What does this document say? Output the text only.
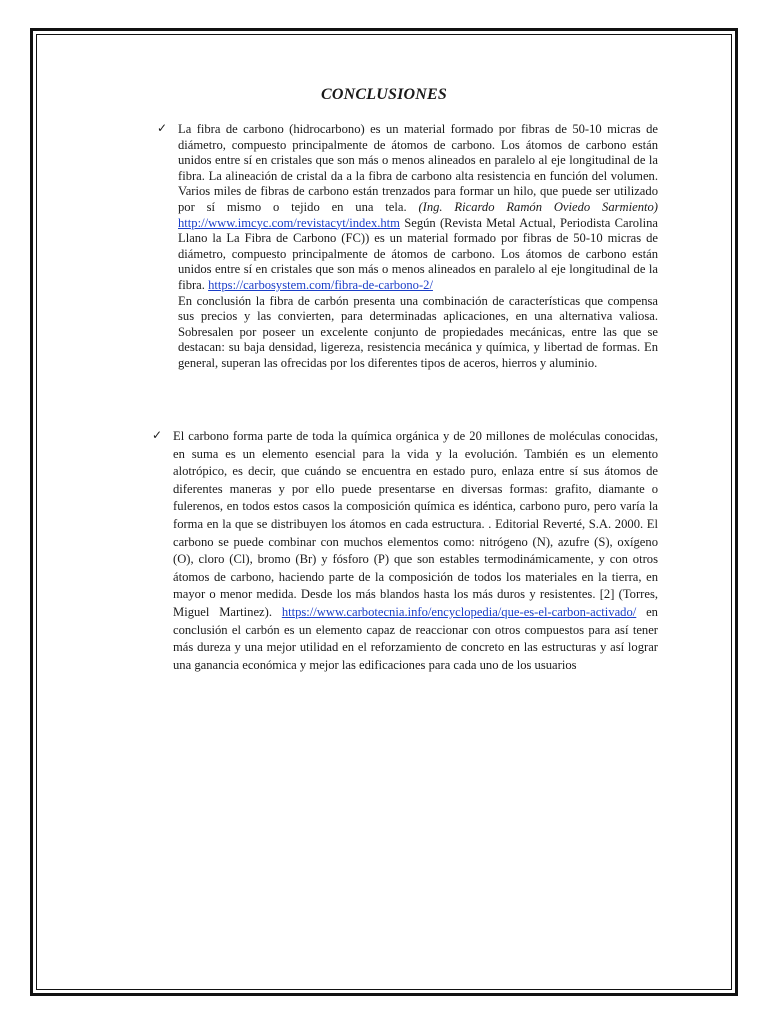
CONCLUSIONES
✓ La fibra de carbono (hidrocarbono) es un material formado por fibras de 50-10 micras de diámetro, compuesto principalmente de átomos de carbono. Los átomos de carbono están unidos entre sí en cristales que son más o menos alineados en paralelo al eje longitudinal de la fibra. La alineación de cristal da a la fibra de carbono alta resistencia en función del volumen. Varios miles de fibras de carbono están trenzados para formar un hilo, que puede ser utilizado por sí mismo o tejido en una tela. (Ing. Ricardo Ramón Oviedo Sarmiento) http://www.imcyc.com/revistacyt/index.htm Según (Revista Metal Actual, Periodista Carolina Llano la La Fibra de Carbono (FC)) es un material formado por fibras de 50-10 micras de diámetro, compuesto principalmente de átomos de carbono. Los átomos de carbono están unidos entre sí en cristales que son más o menos alineados en paralelo al eje longitudinal de la fibra. https://carbosystem.com/fibra-de-carbono-2/

En conclusión la fibra de carbón presenta una combinación de características que compensa sus precios y las convierten, para determinadas aplicaciones, en una alternativa valiosa. Sobresalen por poseer un excelente conjunto de propiedades mecánicas, entre las que se destacan: su baja densidad, ligereza, resistencia mecánica y química, y libertad de formas. En general, superan las ofrecidas por los diferentes tipos de aceros, hierros y aluminio.

✓ El carbono forma parte de toda la química orgánica y de 20 millones de moléculas conocidas, en suma es un elemento esencial para la vida y la evolución. También es un elemento alotrópico, es decir, que cuándo se encuentra en estado puro, enlaza entre sí sus átomos de diferentes maneras y por ello puede presentarse en diversas formas: grafito, diamante o fulerenos, en todos estos casos la composición química es idéntica, carbono puro, pero varía la forma en la que se distribuyen los átomos en cada estructura. . Editorial Reverté, S.A. 2000. El carbono se puede combinar con muchos elementos como: nitrógeno (N), azufre (S), oxígeno (O), cloro (Cl), bromo (Br) y fósforo (P) que son estables termodinámicamente, y con otros átomos de carbono, haciendo parte de la composición de todos los materiales en la tierra, en mayor o menor medida. Desde los más blandos hasta los más duros y resistentes. [2] (Torres, Miguel Martinez). https://www.carbotecnia.info/encyclopedia/que-es-el-carbon-activado/ en conclusión el carbón es un elemento capaz de reaccionar con otros compuestos para así tener más dureza y una mejor utilidad en el reforzamiento de concreto en las estructuras y así lograr una ganancia económica y mejor las edificaciones para cada uno de los usuarios
